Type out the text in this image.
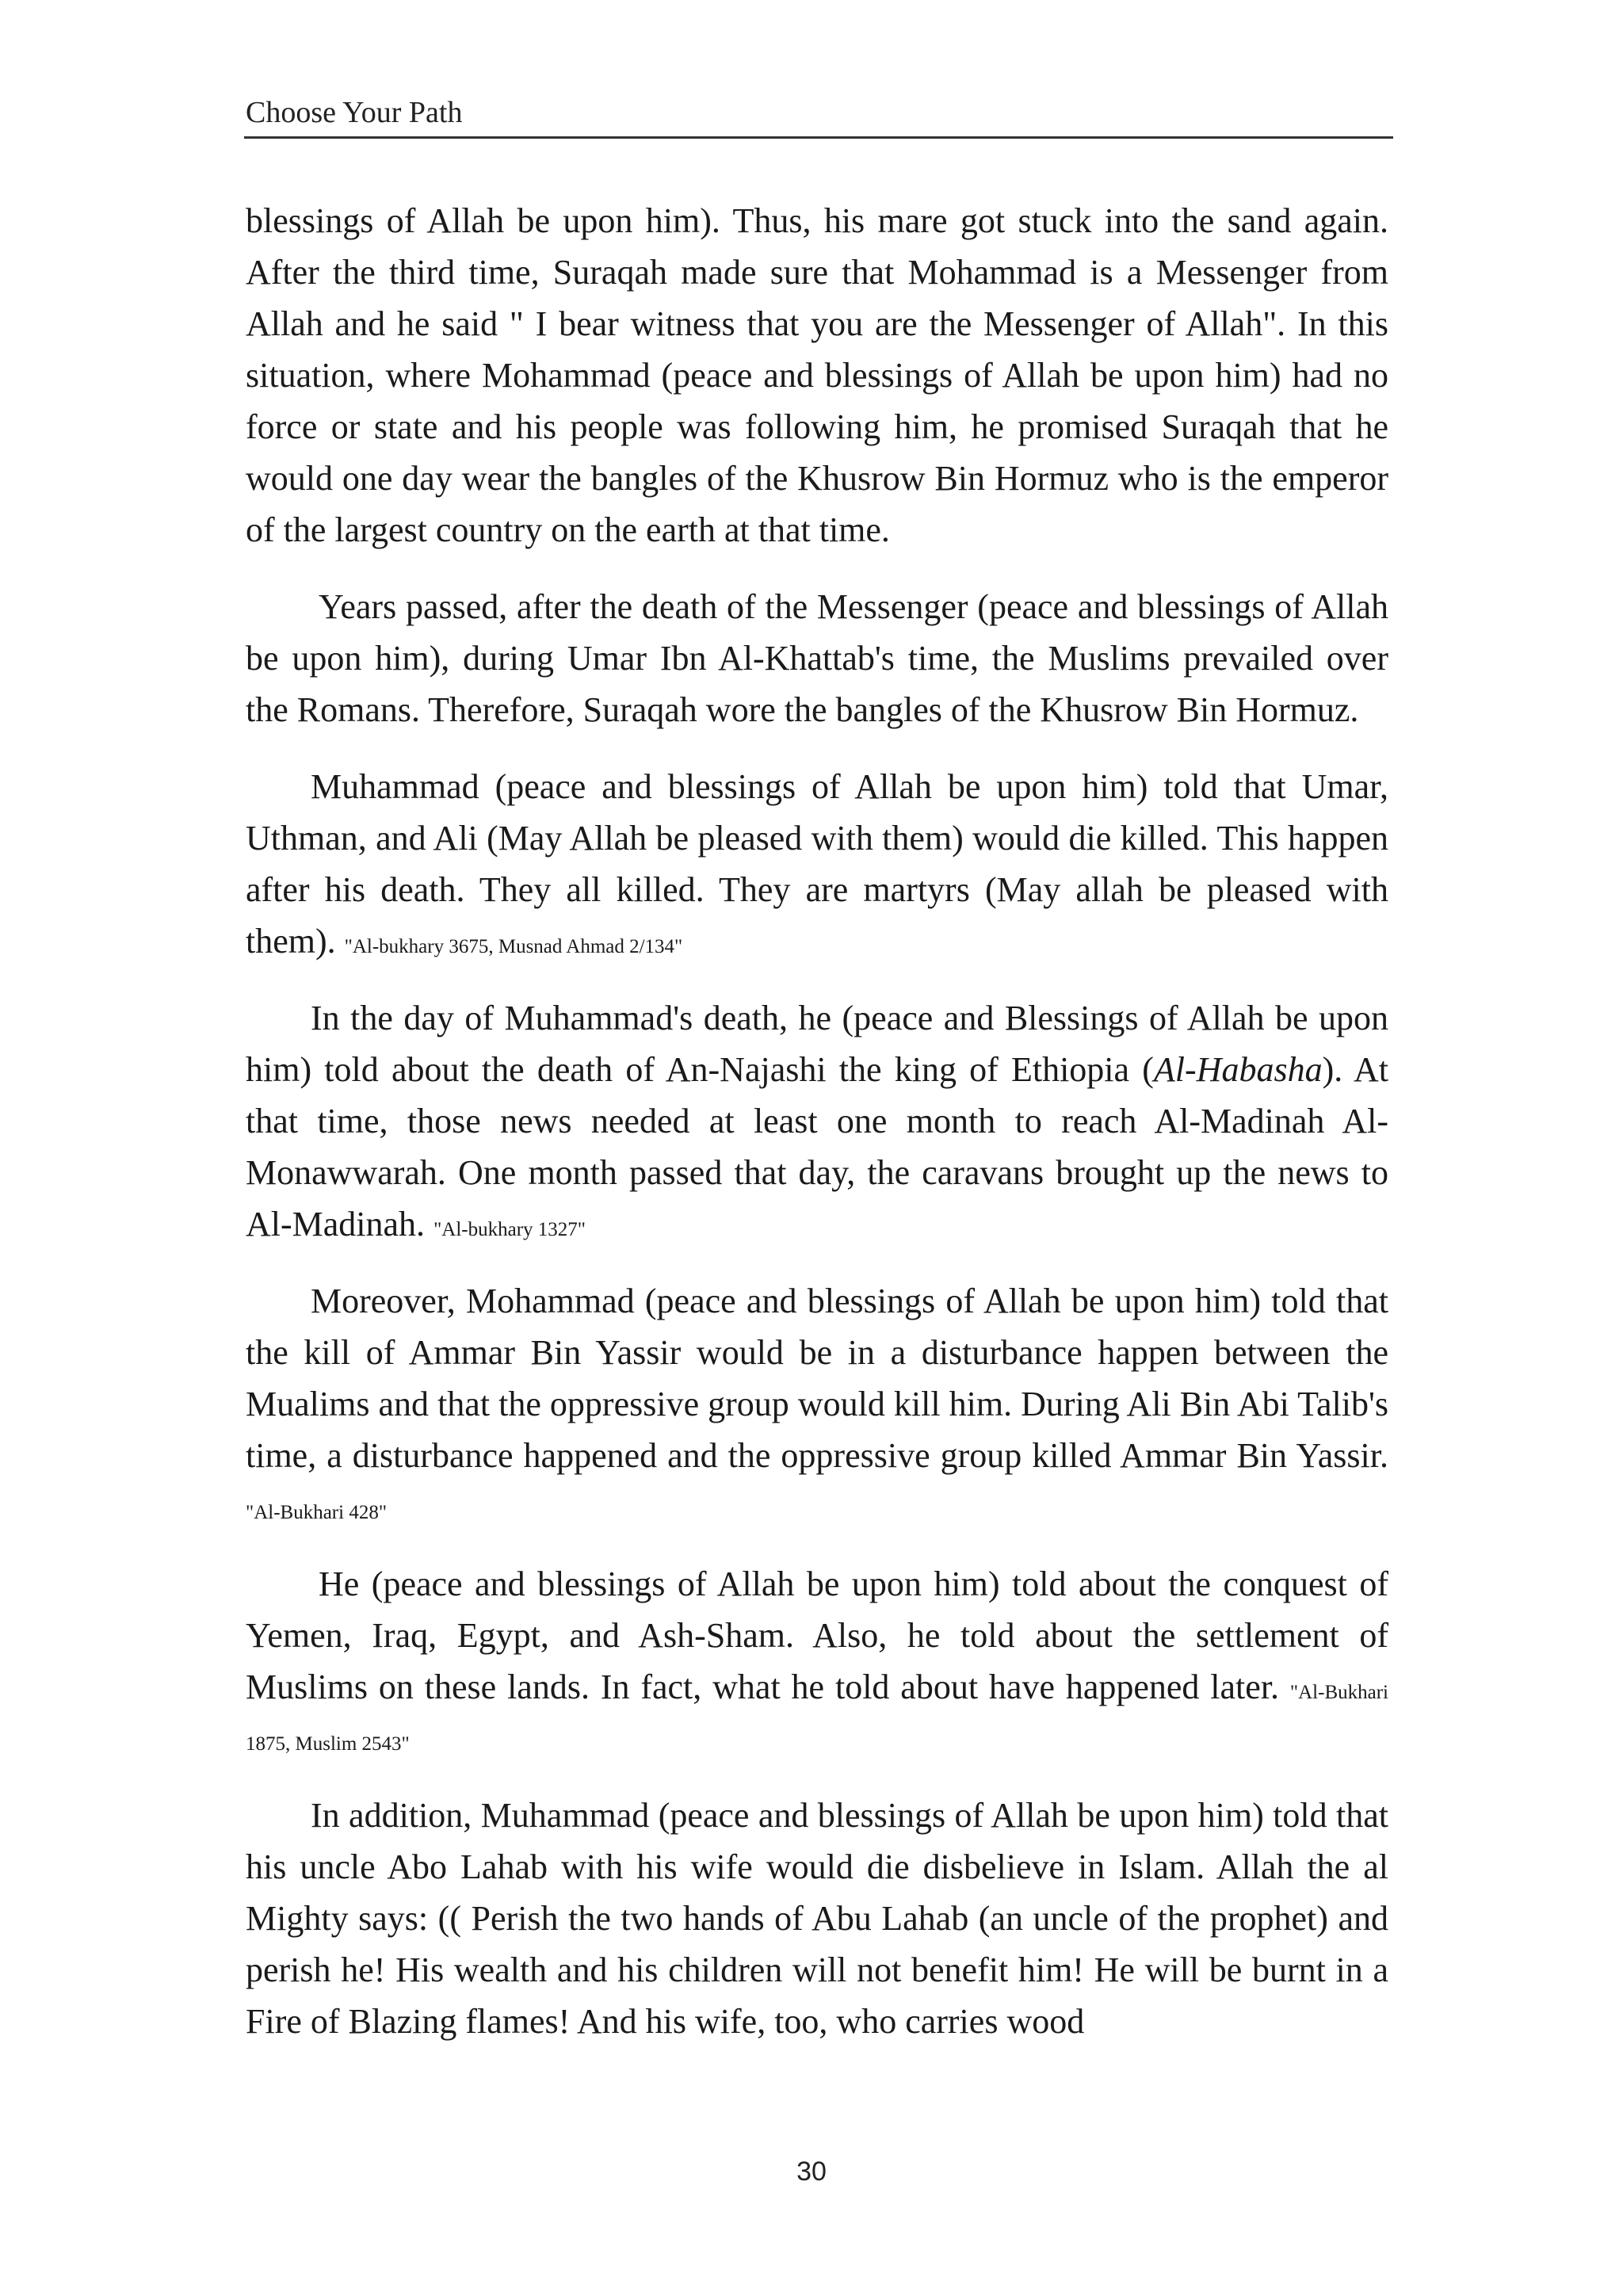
Choose Your Path

blessings of Allah be upon him). Thus, his mare got stuck into the sand again. After the third time, Suraqah made sure that Mohammad is a Messenger from Allah and he said " I bear witness that you are the Messenger of Allah". In this situation, where Mohammad (peace and blessings of Allah be upon him) had no force or state and his people was following him, he promised Suraqah that he would one day wear the bangles of the Khusrow Bin Hormuz who is the emperor of the largest country on the earth at that time.

Years passed, after the death of the Messenger (peace and blessings of Allah be upon him), during Umar Ibn Al-Khattab's time, the Muslims prevailed over the Romans. Therefore, Suraqah wore the bangles of the Khusrow Bin Hormuz.

Muhammad (peace and blessings of Allah be upon him) told that Umar, Uthman, and Ali (May Allah be pleased with them) would die killed. This happen after his death. They all killed. They are martyrs (May allah be pleased with them). "Al-bukhary 3675, Musnad Ahmad 2/134"

In the day of Muhammad's death, he (peace and Blessings of Allah be upon him) told about the death of An-Najashi the king of Ethiopia (Al-Habasha). At that time, those news needed at least one month to reach Al-Madinah Al-Monawwarah. One month passed that day, the caravans brought up the news to Al-Madinah. "Al-bukhary 1327"

Moreover, Mohammad (peace and blessings of Allah be upon him) told that the kill of Ammar Bin Yassir would be in a disturbance happen between the Mualims and that the oppressive group would kill him. During Ali Bin Abi Talib's time, a disturbance happened and the oppressive group killed Ammar Bin Yassir. "Al-Bukhari 428"

He (peace and blessings of Allah be upon him) told about the conquest of Yemen, Iraq, Egypt, and Ash-Sham. Also, he told about the settlement of Muslims on these lands. In fact, what he told about have happened later. "Al-Bukhari 1875, Muslim 2543"

In addition, Muhammad (peace and blessings of Allah be upon him) told that his uncle Abo Lahab with his wife would die disbelieve in Islam. Allah the al Mighty says: (( Perish the two hands of Abu Lahab (an uncle of the prophet) and perish he! His wealth and his children will not benefit him! He will be burnt in a Fire of Blazing flames! And his wife, too, who carries wood

30
